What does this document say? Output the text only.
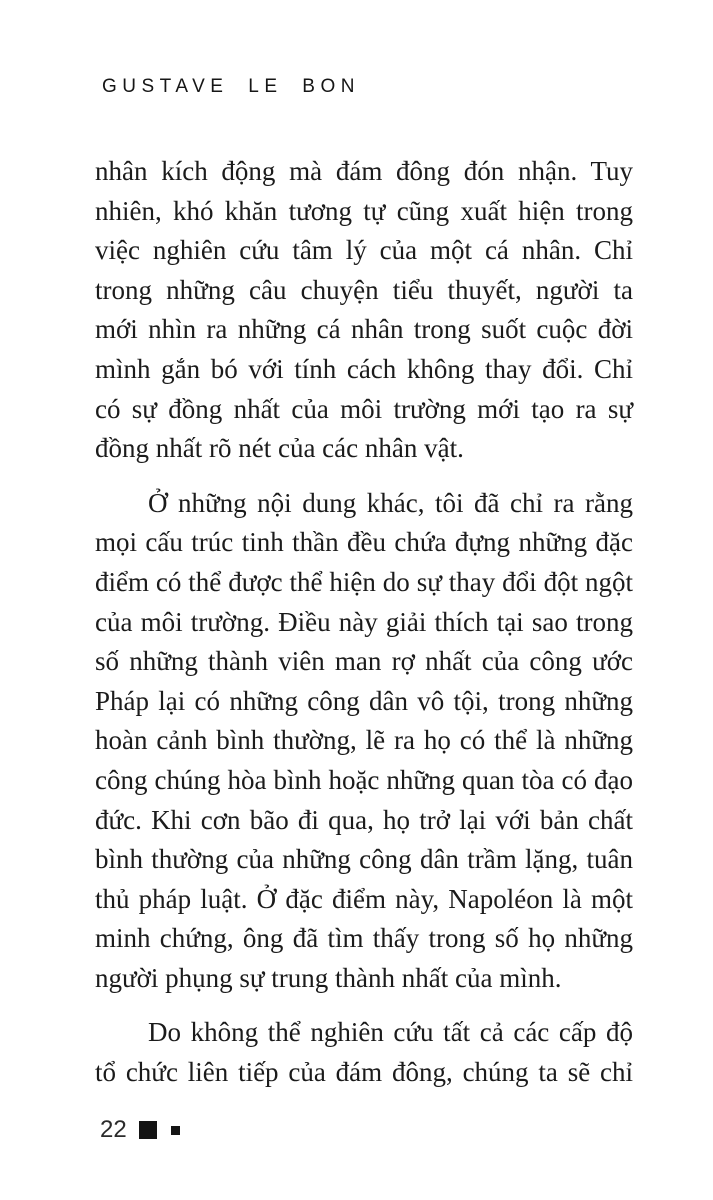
GUSTAVE LE BON
nhân kích động mà đám đông đón nhận. Tuy
nhiên, khó khăn tương tự cũng xuất hiện trong
việc nghiên cứu tâm lý của một cá nhân. Chỉ
trong những câu chuyện tiểu thuyết, người ta
mới nhìn ra những cá nhân trong suốt cuộc đời
mình gắn bó với tính cách không thay đổi. Chỉ
có sự đồng nhất của môi trường mới tạo ra sự
đồng nhất rõ nét của các nhân vật.
Ở những nội dung khác, tôi đã chỉ ra rằng
mọi cấu trúc tinh thần đều chứa đựng những đặc
điểm có thể được thể hiện do sự thay đổi đột ngột
của môi trường. Điều này giải thích tại sao trong
số những thành viên man rợ nhất của công ước
Pháp lại có những công dân vô tội, trong những
hoàn cảnh bình thường, lẽ ra họ có thể là những
công chúng hòa bình hoặc những quan tòa có đạo
đức. Khi cơn bão đi qua, họ trở lại với bản chất
bình thường của những công dân trầm lặng, tuân
thủ pháp luật. Ở đặc điểm này, Napoléon là một
minh chứng, ông đã tìm thấy trong số họ những
người phụng sự trung thành nhất của mình.
Do không thể nghiên cứu tất cả các cấp độ
tổ chức liên tiếp của đám đông, chúng ta sẽ chỉ
22
